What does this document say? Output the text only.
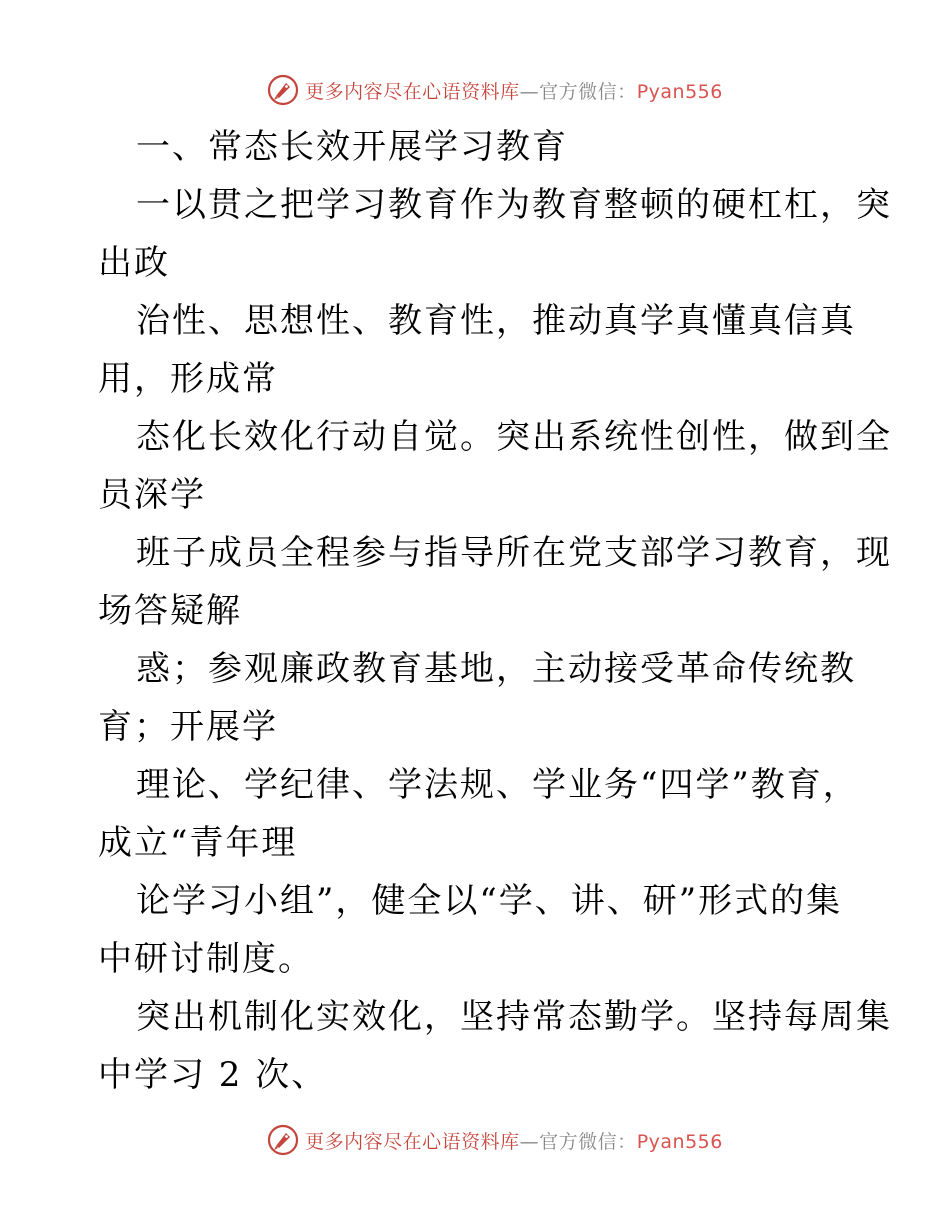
更多内容尽在心语资料库—官方微信：Pyan556
一、常态长效开展学习教育
一以贯之把学习教育作为教育整顿的硬杠杠，突
出政
治性、思想性、教育性，推动真学真懂真信真
用，形成常
态化长效化行动自觉。突出系统性创性，做到全
员深学
班子成员全程参与指导所在党支部学习教育，现
场答疑解
惑；参观廉政教育基地，主动接受革命传统教
育；开展学
理论、学纪律、学法规、学业务“四学”教育，
成立“青年理
论学习小组”，健全以“学、讲、研”形式的集
中研讨制度。
突出机制化实效化，坚持常态勤学。坚持每周集
中学习 2 次、
更多内容尽在心语资料库—官方微信：Pyan556
